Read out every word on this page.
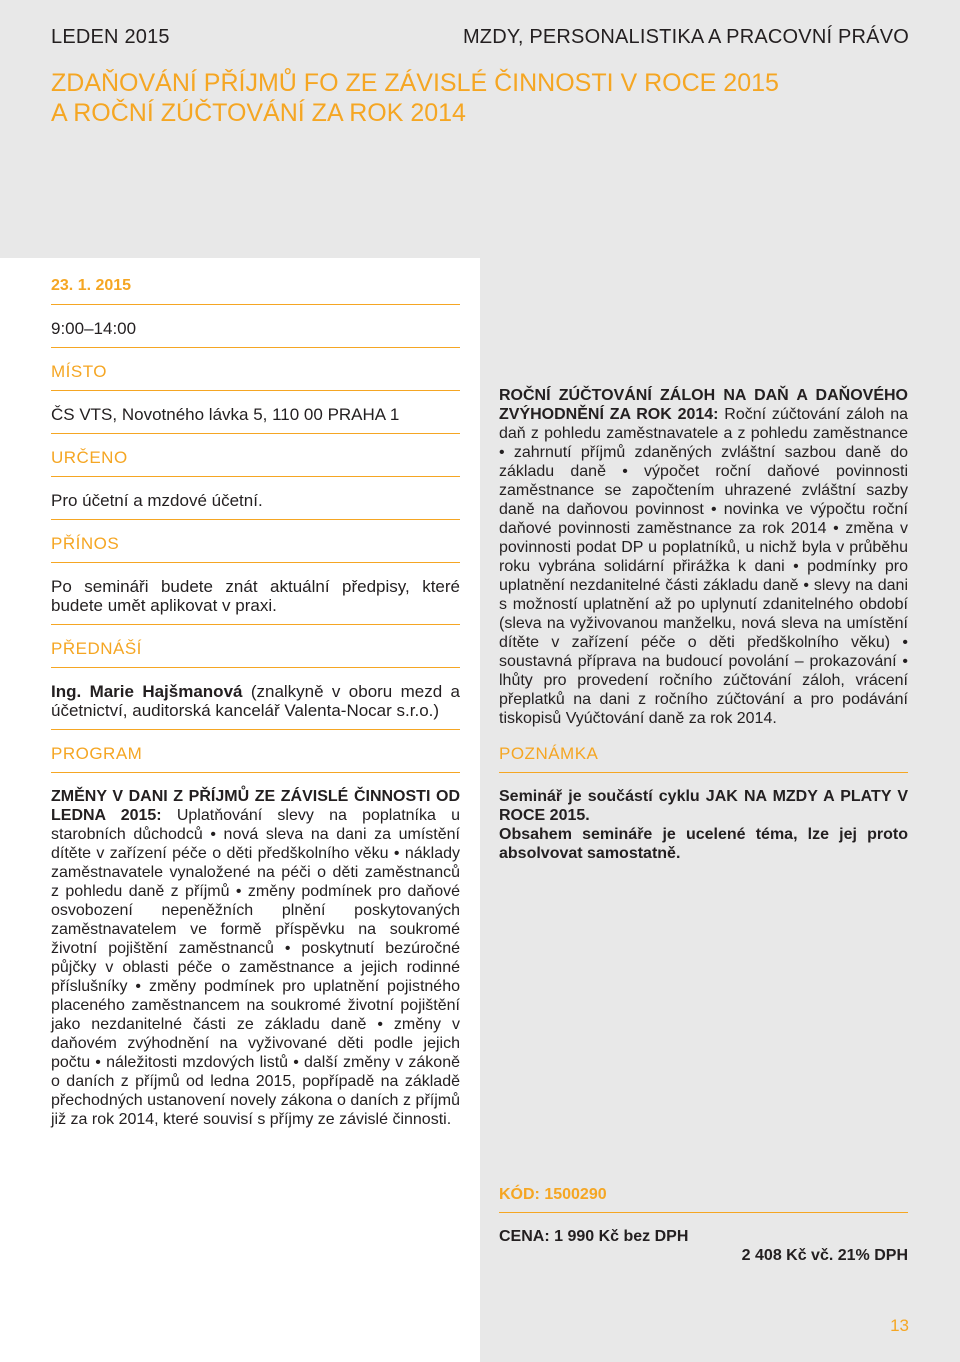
LEDEN 2015	MZDY, PERSONALISTIKA A PRACOVNÍ PRÁVO
ZDAŇOVÁNÍ PŘÍJMŮ FO ZE ZÁVISLÉ ČINNOSTI V ROCE 2015
A ROČNÍ ZÚČTOVÁNÍ ZA ROK 2014
23. 1. 2015
9:00–14:00
MÍSTO
ČS VTS, Novotného lávka 5, 110 00 PRAHA 1
URČENO
Pro účetní a mzdové účetní.
PŘÍNOS
Po semináři budete znát aktuální předpisy, které budete umět aplikovat v praxi.
PŘEDNÁŠÍ
Ing. Marie Hajšmanová (znalkyně v oboru mezd a účetnictví, auditorská kancelář Valenta-Nocar s.r.o.)
PROGRAM
ZMĚNY V DANI Z PŘÍJMŮ ZE ZÁVISLÉ ČINNOSTI OD LEDNA 2015: Uplatňování slevy na poplatníka u starobních důchodců • nová sleva na dani za umístění dítěte v zařízení péče o děti předškolního věku • náklady zaměstnavatele vynaložené na péči o děti zaměstnanců z pohledu daně z příjmů • změny podmínek pro daňové osvobození nepeněžních plnění poskytovaných zaměstnavatelem ve formě příspěvku na soukromé životní pojištění zaměstnanců • poskytnutí bezúročné půjčky v oblasti péče o zaměstnance a jejich rodinné příslušníky • změny podmínek pro uplatnění pojistného placeného zaměstnancem na soukromé životní pojištění jako nezdanitelné části ze základu daně • změny v daňovém zvýhodnění na vyživované děti podle jejich počtu • náležitosti mzdových listů • další změny v zákoně o daních z příjmů od ledna 2015, popřípadě na základě přechodných ustanovení novely zákona o daních z příjmů již za rok 2014, které souvisí s příjmy ze závislé činnosti.
ROČNÍ ZÚČTOVÁNÍ ZÁLOH NA DAŇ A DAŇOVÉHO ZVÝHODNĚNÍ ZA ROK 2014: Roční zúčtování záloh na daň z pohledu zaměstnavatele a z pohledu zaměstnance • zahrnutí příjmů zdaněných zvláštní sazbou daně do základu daně • výpočet roční daňové povinnosti zaměstnance se započtením uhrazené zvláštní sazby daně na daňovou povinnost • novinka ve výpočtu roční daňové povinnosti zaměstnance za rok 2014 • změna v povinnosti podat DP u poplatníků, u nichž byla v průběhu roku vybrána solidární přirážka k dani • podmínky pro uplatnění nezdanitelné části základu daně • slevy na dani s možností uplatnění až po uplynutí zdanitelného období (sleva na vyživovanou manželku, nová sleva na umístění dítěte v zařízení péče o děti předškolního věku) • soustavná příprava na budoucí povolání – prokazování • lhůty pro provedení ročního zúčtování záloh, vrácení přeplatků na dani z ročního zúčtování a pro podávání tiskopisů Vyúčtování daně za rok 2014.
POZNÁMKA
Seminář je součástí cyklu JAK NA MZDY A PLATY V ROCE 2015.
Obsahem semináře je ucelené téma, lze jej proto absolvovat samostatně.
KÓD: 1500290
CENA: 1 990 Kč bez DPH
2 408 Kč vč. 21% DPH
13
